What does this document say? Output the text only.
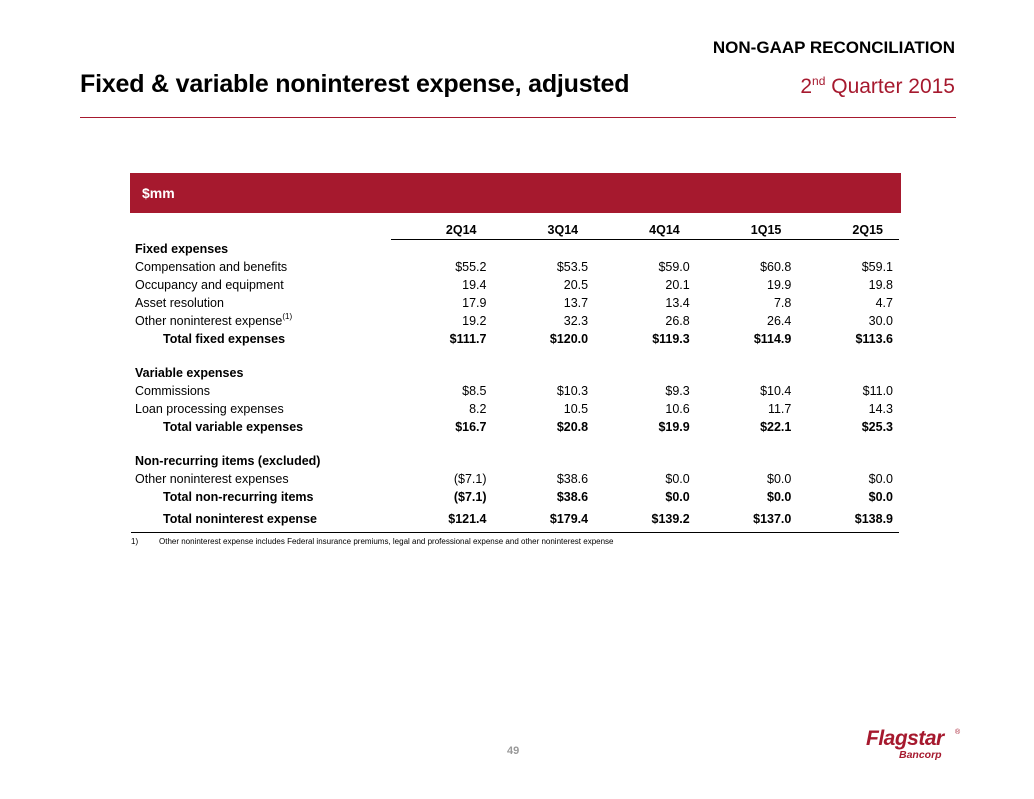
Fixed & variable noninterest expense, adjusted
NON-GAAP RECONCILIATION
2nd Quarter 2015
$mm
	2Q14	3Q14	4Q14	1Q15	2Q15
Fixed expenses					
Compensation and benefits	$55.2	$53.5	$59.0	$60.8	$59.1
Occupancy and equipment	19.4	20.5	20.1	19.9	19.8
Asset resolution	17.9	13.7	13.4	7.8	4.7
Other noninterest expense$^{(1)}$	19.2	32.3	26.8	26.4	30.0
Total fixed expenses	$111.7	$120.0	$119.3	$114.9	$113.6

Variable expenses					
Commissions	$8.5	$10.3	$9.3	$10.4	$11.0
Loan processing expenses	8.2	10.5	10.6	11.7	14.3
Total variable expenses	$16.7	$20.8	$19.9	$22.1	$25.3

Non-recurring items (excluded)					
Other noninterest expenses	($7.1)	$38.6	$0.0	$0.0	$0.0
Total non-recurring items	($7.1)	$38.6	$0.0	$0.0	$0.0
Total noninterest expense	$121.4	$179.4	$139.2	$137.0	$138.9
1)	Other noninterest expense includes Federal insurance premiums, legal and professional expense and other noninterest expense
49
Flagstar ®
Bancorp
